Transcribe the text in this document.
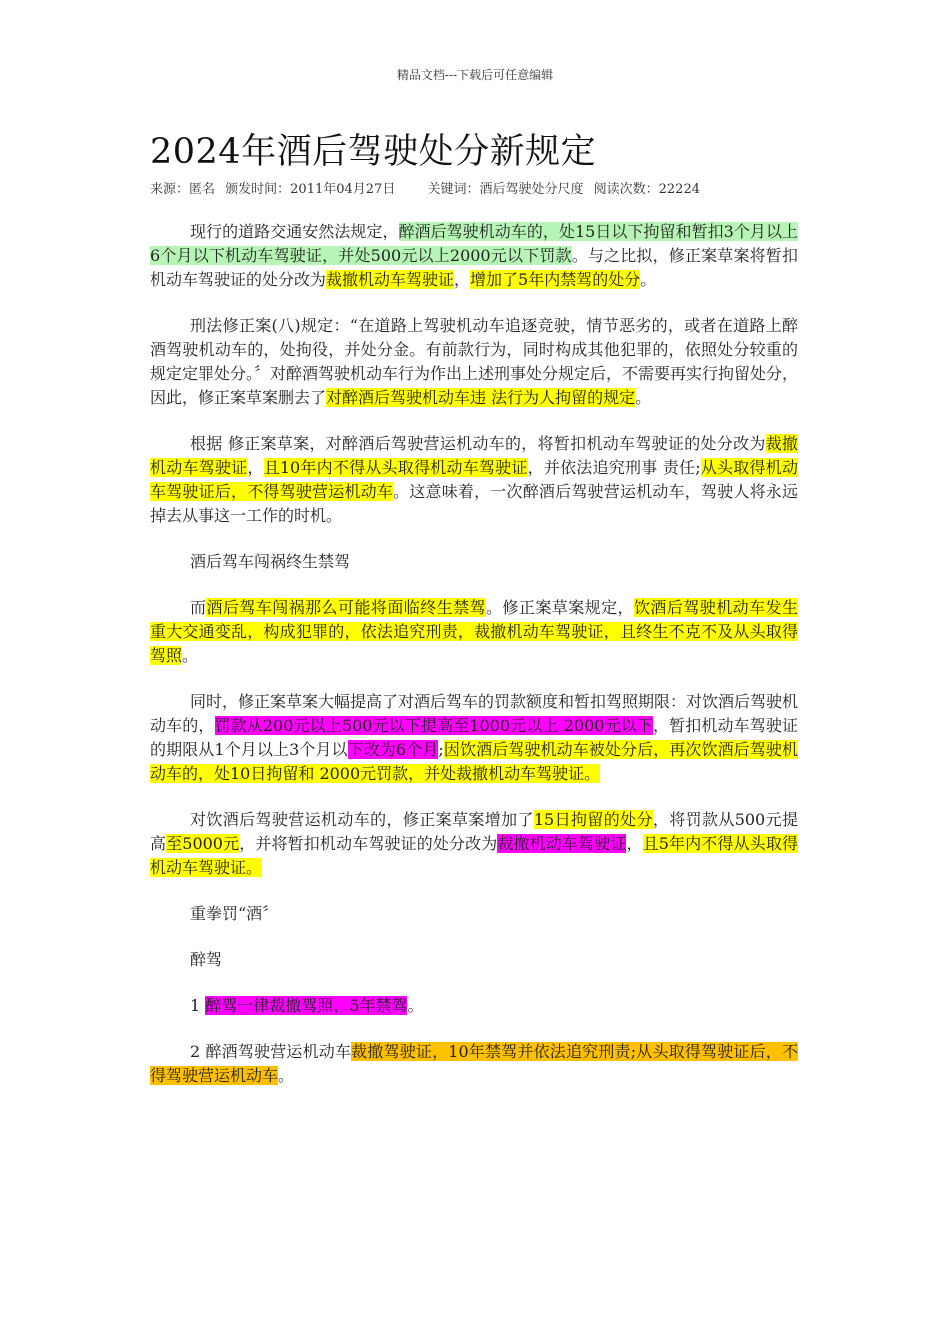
精品文档---下载后可任意编辑
2024年酒后驾驶处分新规定
来源：匿名 颁发时间：2011年04月27日 关键词：酒后驾驶处分尺度 阅读次数：22224

现行的道路交通安然法规定，醉酒后驾驶机动车的，处15日以下拘留和暂扣3个月以上6个月以下机动车驾驶证，并处500元以上2000元以下罚款。与之比拟，修正案草案将暂扣机动车驾驶证的处分改为裁撤机动车驾驶证，增加了5年内禁驾的处分。

刑法修正案(八)规定：“在道路上驾驶机动车追逐竞驶，情节恶劣的，或者在道路上醉酒驾驶机动车的，处拘役，并处分金。有前款行为，同时构成其他犯罪的，依照处分较重的规定定罪处分。〞对醉酒驾驶机动车行为作出上述刑事处分规定后，不需要再实行拘留处分，因此，修正案草案删去了对醉酒后驾驶机动车违 法行为人拘留的规定。

根据 修正案草案，对醉酒后驾驶营运机动车的，将暂扣机动车驾驶证的处分改为裁撤机动车驾驶证，且10年内不得从头取得机动车驾驶证，并依法追究刑事 责任;从头取得机动车驾驶证后，不得驾驶营运机动车。这意味着，一次醉酒后驾驶营运机动车，驾驶人将永远掉去从事这一工作的时机。

酒后驾车闯祸终生禁驾

而酒后驾车闯祸那么可能将面临终生禁驾。修正案草案规定，饮酒后驾驶机动车发生重大交通变乱，构成犯罪的，依法追究刑责，裁撤机动车驾驶证，且终生不克不及从头取得驾照。

同时，修正案草案大幅提高了对酒后驾车的罚款额度和暂扣驾照期限：对饮酒后驾驶机动车的，罚款从200元以上500元以下提高至1000元以上 2000元以下，暂扣机动车驾驶证的期限从1个月以上3个月以下改为6个月;因饮酒后驾驶机动车被处分后，再次饮酒后驾驶机动车的，处10日拘留和 2000元罚款，并处裁撤机动车驾驶证。

对饮酒后驾驶营运机动车的，修正案草案增加了15日拘留的处分，将罚款从500元提高至5000元，并将暂扣机动车驾驶证的处分改为裁撤机动车驾驶证，且5年内不得从头取得机动车驾驶证。

重拳罚“酒〞

醉驾

1 醉驾一律裁撤驾照，5年禁驾。

2 醉酒驾驶营运机动车裁撤驾驶证，10年禁驾并依法追究刑责;从头取得驾驶证后，不得驾驶营运机动车。
